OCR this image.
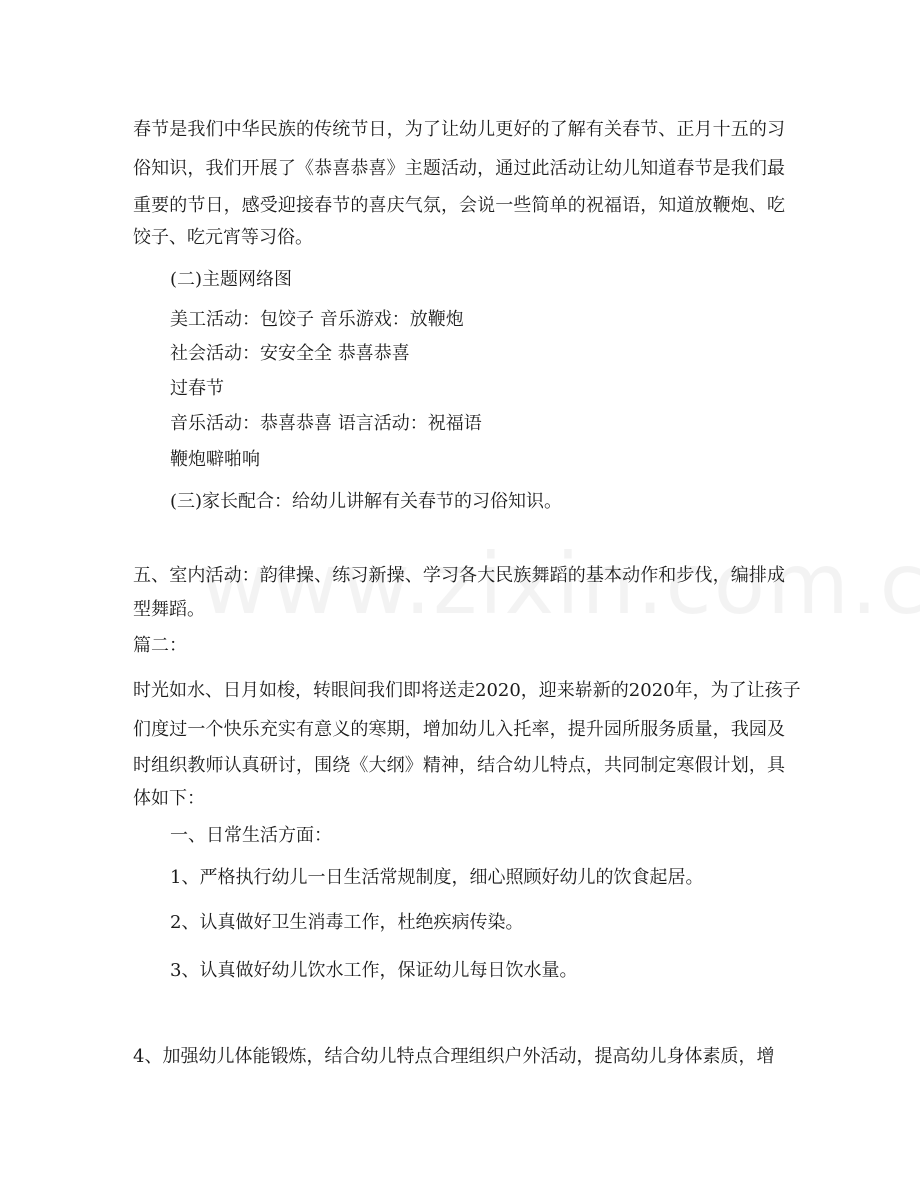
春节是我们中华民族的传统节日，为了让幼儿更好的了解有关春节、正月十五的习
俗知识，我们开展了《恭喜恭喜》主题活动，通过此活动让幼儿知道春节是我们最
重要的节日，感受迎接春节的喜庆气氛，会说一些简单的祝福语，知道放鞭炮、吃
饺子、吃元宵等习俗。
(二)主题网络图
美工活动：包饺子 音乐游戏：放鞭炮
社会活动：安安全全 恭喜恭喜
过春节
音乐活动：恭喜恭喜 语言活动：祝福语
鞭炮噼啪响
(三)家长配合：给幼儿讲解有关春节的习俗知识。
五、室内活动：韵律操、练习新操、学习各大民族舞蹈的基本动作和步伐，编排成
型舞蹈。
篇二：
时光如水、日月如梭，转眼间我们即将送走2020，迎来崭新的2020年，为了让孩子
们度过一个快乐充实有意义的寒期，增加幼儿入托率，提升园所服务质量，我园及
时组织教师认真研讨，围绕《大纲》精神，结合幼儿特点，共同制定寒假计划，具
体如下：
一、日常生活方面：
1、严格执行幼儿一日生活常规制度，细心照顾好幼儿的饮食起居。
2、认真做好卫生消毒工作，杜绝疾病传染。
3、认真做好幼儿饮水工作，保证幼儿每日饮水量。
4、加强幼儿体能锻炼，结合幼儿特点合理组织户外活动，提高幼儿身体素质，增
